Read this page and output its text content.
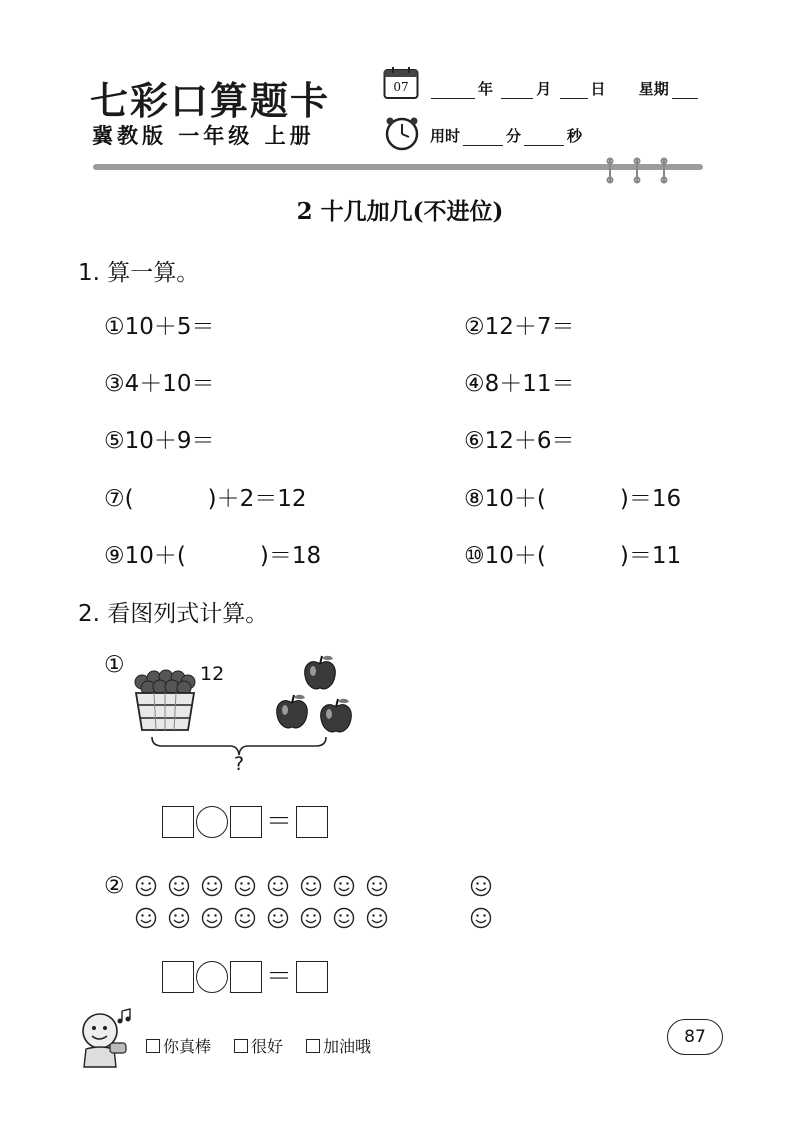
七彩口算题卡
冀教版 一年级 上册
07	年	月	日 星期
用时	分	秒
2 十几加几(不进位)
1. 算一算。
①10＋5＝	②12＋7＝
③4＋10＝	④8＋11＝
⑤10＋9＝	⑥12＋6＝
⑦(	)＋2＝12	⑧10＋(	)＝16
⑨10＋(	)＝18	⑩10＋(	)＝11
2. 看图列式计算。
①	12
?
＝
②
＝
你真棒	很好	加油哦	87
